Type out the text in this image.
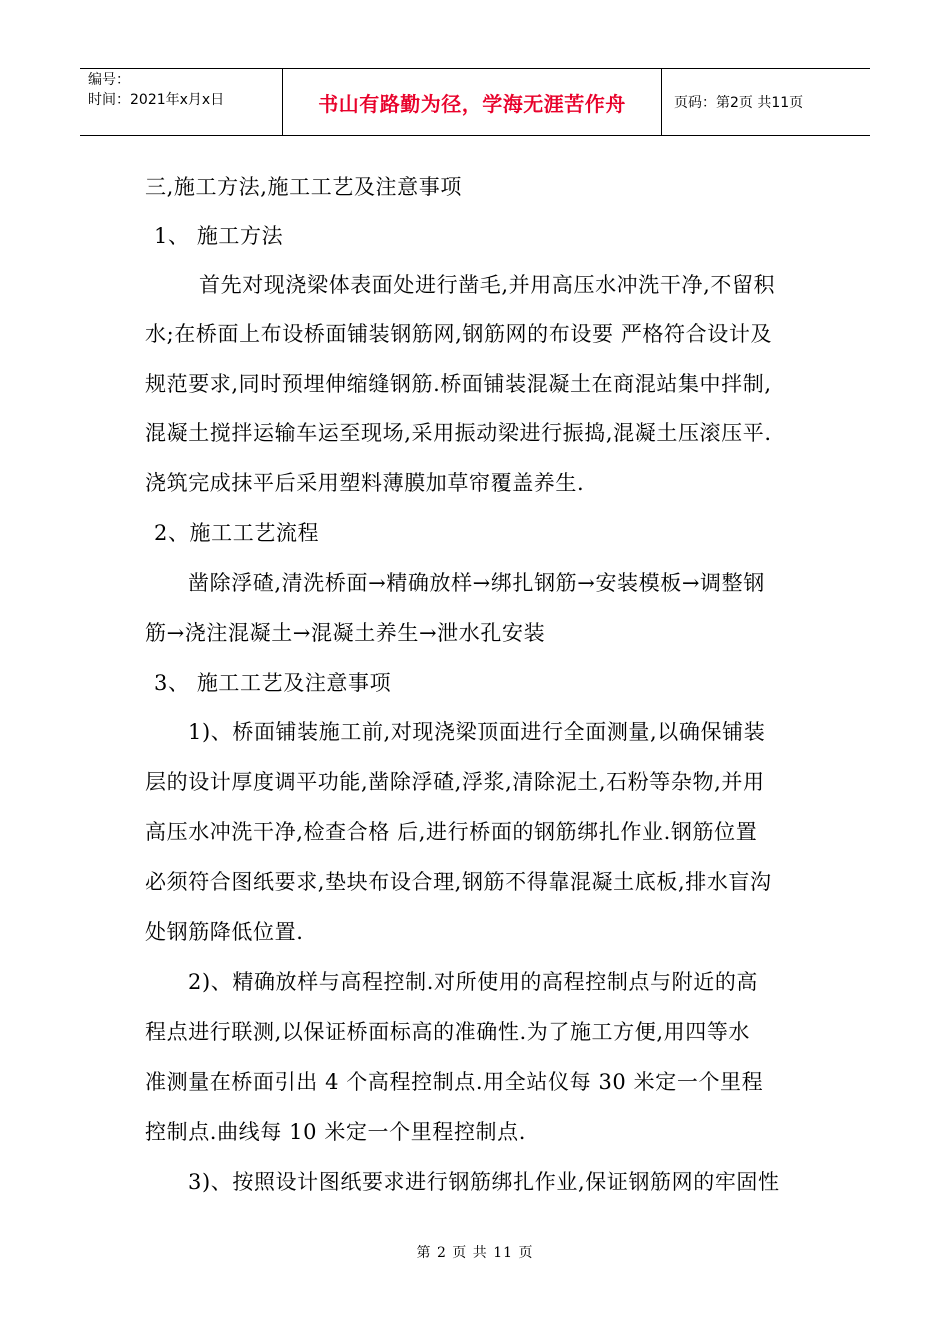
编号：
时间：2021年x月x日	书山有路勤为径，学海无涯苦作舟	页码：第2页 共11页

三,施工方法,施工工艺及注意事项

1、 施工方法

首先对现浇梁体表面处进行凿毛,并用高压水冲洗干净,不留积

水;在桥面上布设桥面铺装钢筋网,钢筋网的布设要 严格符合设计及

规范要求,同时预埋伸缩缝钢筋.桥面铺装混凝土在商混站集中拌制,

混凝土搅拌运输车运至现场,采用振动梁进行振捣,混凝土压滚压平.

浇筑完成抹平后采用塑料薄膜加草帘覆盖养生.

2、施工工艺流程

凿除浮碴,清洗桥面→精确放样→绑扎钢筋→安装模板→调整钢

筋→浇注混凝土→混凝土养生→泄水孔安装

3、 施工工艺及注意事项

1)、桥面铺装施工前,对现浇梁顶面进行全面测量,以确保铺装

层的设计厚度调平功能,凿除浮碴,浮浆,清除泥土,石粉等杂物,并用

高压水冲洗干净,检查合格 后,进行桥面的钢筋绑扎作业.钢筋位置

必须符合图纸要求,垫块布设合理,钢筋不得靠混凝土底板,排水盲沟

处钢筋降低位置.

2)、精确放样与高程控制.对所使用的高程控制点与附近的高

程点进行联测,以保证桥面标高的准确性.为了施工方便,用四等水

准测量在桥面引出 4 个高程控制点.用全站仪每 30 米定一个里程

控制点.曲线每 10 米定一个里程控制点.

3)、按照设计图纸要求进行钢筋绑扎作业,保证钢筋网的牢固性

第 2 页 共 11 页
